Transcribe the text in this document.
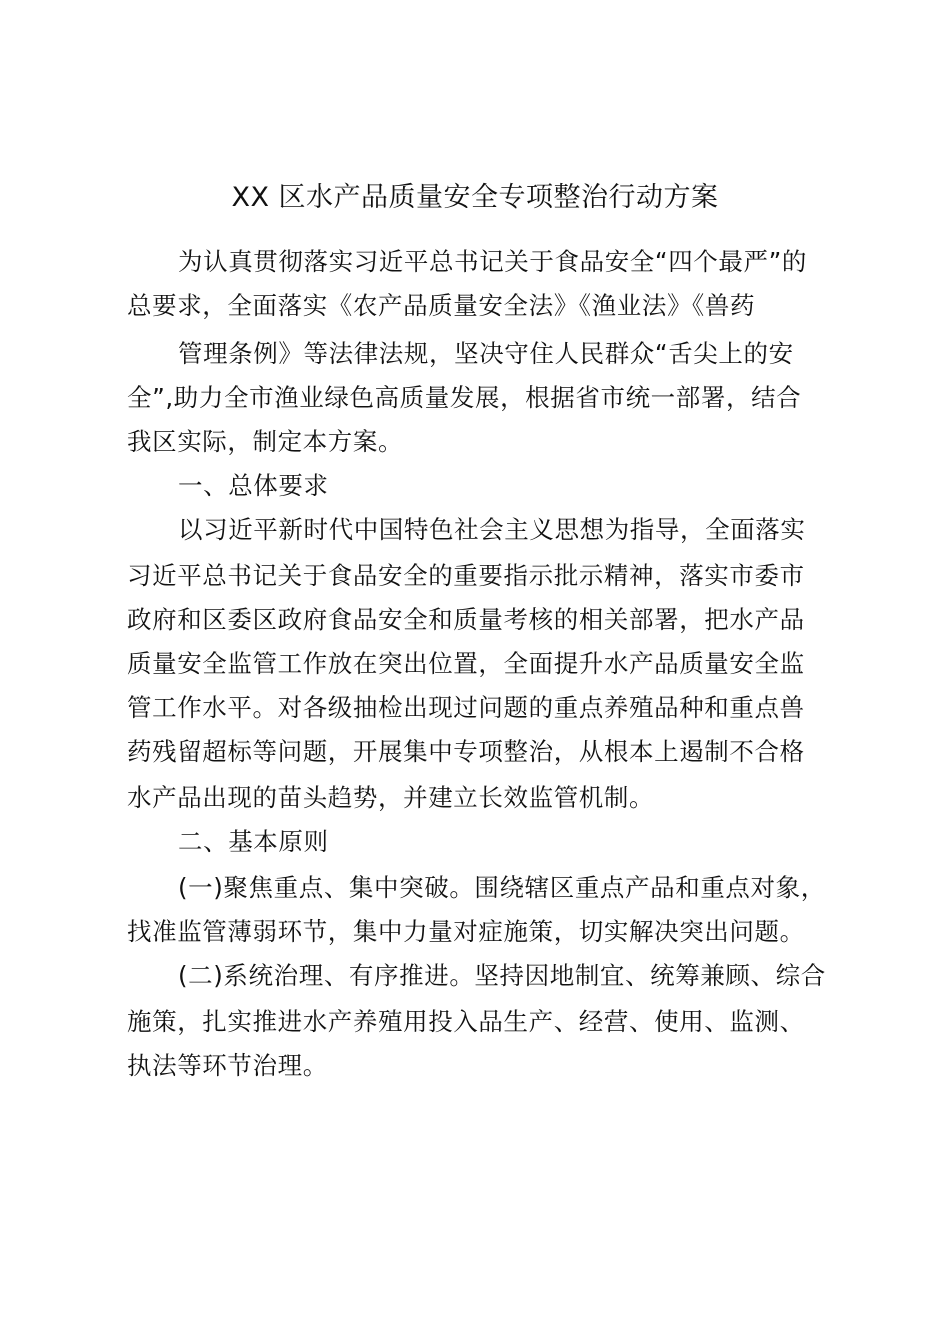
XX 区水产品质量安全专项整治行动方案
为认真贯彻落实习近平总书记关于食品安全“四个最严”的
总要求，全面落实《农产品质量安全法》《渔业法》《兽药
管理条例》等法律法规，坚决守住人民群众“舌尖上的安
全”,助力全市渔业绿色高质量发展，根据省市统一部署，结合
我区实际，制定本方案。
一、总体要求
以习近平新时代中国特色社会主义思想为指导，全面落实
习近平总书记关于食品安全的重要指示批示精神，落实市委市
政府和区委区政府食品安全和质量考核的相关部署，把水产品
质量安全监管工作放在突出位置，全面提升水产品质量安全监
管工作水平。对各级抽检出现过问题的重点养殖品种和重点兽
药残留超标等问题，开展集中专项整治，从根本上遏制不合格
水产品出现的苗头趋势，并建立长效监管机制。
二、基本原则
(一)聚焦重点、集中突破。围绕辖区重点产品和重点对象，
找准监管薄弱环节，集中力量对症施策，切实解决突出问题。
(二)系统治理、有序推进。坚持因地制宜、统筹兼顾、综合
施策，扎实推进水产养殖用投入品生产、经营、使用、监测、
执法等环节治理。
